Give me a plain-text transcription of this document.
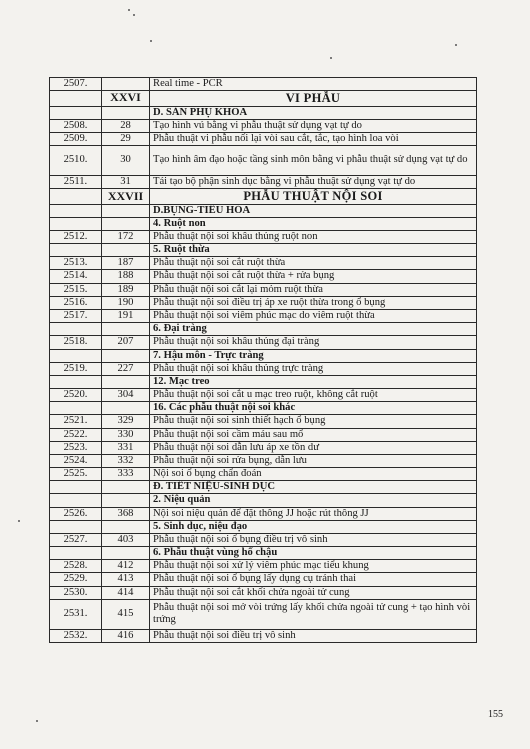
2507.		Real time - PCR
	XXVI	VI PHẪU
		D. SẢN PHỤ KHOA
2508.	28	Tạo hình vú bằng vi phẫu thuật sử dụng vạt tự do
2509.	29	Phẫu thuật vi phẫu nối lại vòi sau cắt, tắc, tạo hình loa vòi
2510.	30	Tạo hình âm đạo hoặc tầng sinh môn bằng vi phẫu thuật sử dụng vạt tự do
2511.	31	Tái tạo bộ phận sinh dục bằng vi phẫu thuật sử dụng vạt tự do
	XXVII	PHẪU THUẬT NỘI SOI
		D.BỤNG-TIÊU HÓA
		4. Ruột non
2512.	172	Phẫu thuật nội soi khâu thủng ruột non
		5. Ruột thừa
2513.	187	Phẫu thuật nội soi cắt ruột thừa
2514.	188	Phẫu thuật nội soi cắt ruột thừa + rửa bụng
2515.	189	Phẫu thuật nội soi cắt lại mỏm ruột thừa
2516.	190	Phẫu thuật nội soi điều trị áp xe ruột thừa trong ổ bụng
2517.	191	Phẫu thuật nội soi viêm phúc mạc do viêm ruột thừa
		6. Đại tràng
2518.	207	Phẫu thuật nội soi khâu thủng đại tràng
		7. Hậu môn - Trực tràng
2519.	227	Phẫu thuật nội soi khâu thủng trực tràng
		12. Mạc treo
2520.	304	Phẫu thuật nội soi cắt u mạc treo ruột, không cắt ruột
		16. Các phẫu thuật nội soi khác
2521.	329	Phẫu thuật nội soi sinh thiết hạch ổ bụng
2522.	330	Phẫu thuật nội soi cầm máu sau mổ
2523.	331	Phẫu thuật nội soi dẫn lưu áp xe tồn dư
2524.	332	Phẫu thuật nội soi rửa bụng, dẫn lưu
2525.	333	Nội soi ổ bụng chẩn đoán
		Đ. TIẾT NIỆU-SINH DỤC
		2. Niệu quản
2526.	368	Nội soi niệu quản để đặt thông JJ hoặc rút thông JJ
		5. Sinh dục, niệu đạo
2527.	403	Phẫu thuật nội soi ổ bụng điều trị vô sinh
		6. Phẫu thuật vùng hố chậu
2528.	412	Phẫu thuật nội soi xử lý viêm phúc mạc tiểu khung
2529.	413	Phẫu thuật nội soi ổ bụng lấy dụng cụ tránh thai
2530.	414	Phẫu thuật nội soi cắt khối chửa ngoài tử cung
2531.	415	Phẫu thuật nội soi mở vòi trứng lấy khối chửa ngoài tử cung + tạo hình vòi trứng
2532.	416	Phẫu thuật nội soi điều trị vô sinh
155
